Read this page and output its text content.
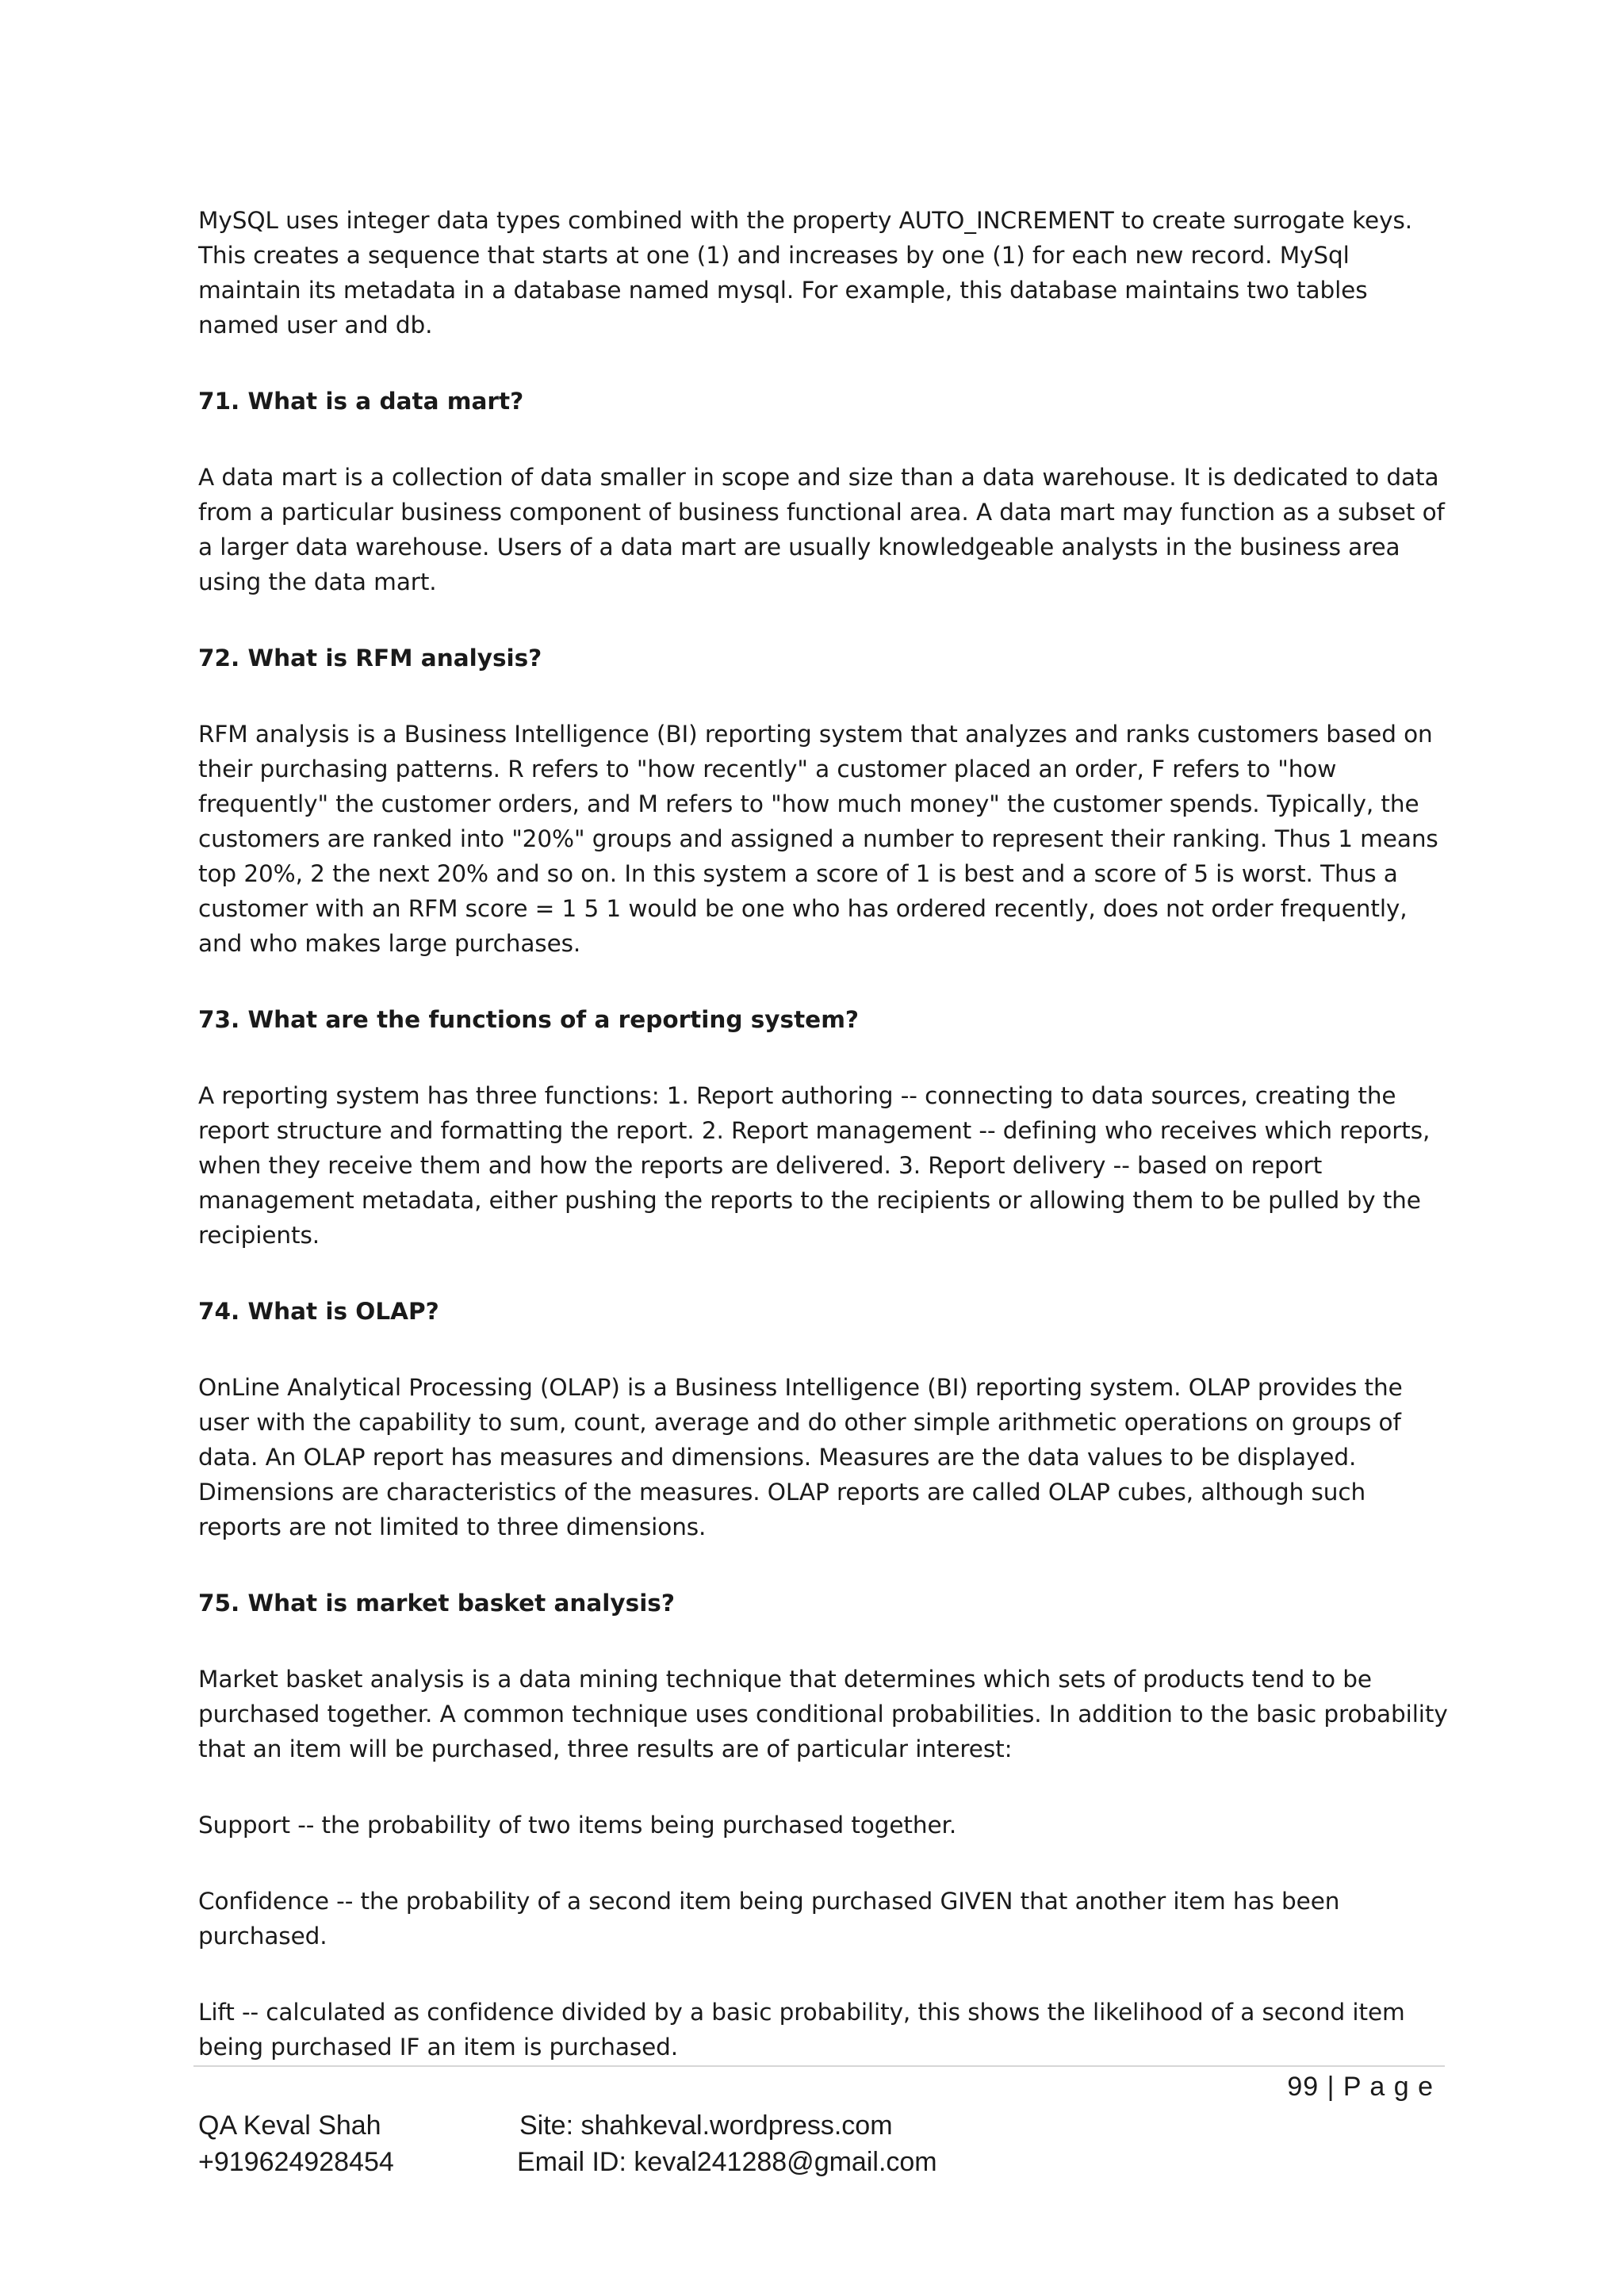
MySQL uses integer data types combined with the property AUTO_INCREMENT to create surrogate keys. This creates a sequence that starts at one (1) and increases by one (1) for each new record. MySql maintain its metadata in a database named mysql. For example, this database maintains two tables named user and db.

71. What is a data mart?

A data mart is a collection of data smaller in scope and size than a data warehouse. It is dedicated to data from a particular business component of business functional area. A data mart may function as a subset of a larger data warehouse. Users of a data mart are usually knowledgeable analysts in the business area using the data mart.

72. What is RFM analysis?

RFM analysis is a Business Intelligence (BI) reporting system that analyzes and ranks customers based on their purchasing patterns. R refers to "how recently" a customer placed an order, F refers to "how frequently" the customer orders, and M refers to "how much money" the customer spends. Typically, the customers are ranked into "20%" groups and assigned a number to represent their ranking. Thus 1 means top 20%, 2 the next 20% and so on. In this system a score of 1 is best and a score of 5 is worst. Thus a customer with an RFM score = 1 5 1 would be one who has ordered recently, does not order frequently, and who makes large purchases.

73. What are the functions of a reporting system?

A reporting system has three functions: 1. Report authoring -- connecting to data sources, creating the report structure and formatting the report. 2. Report management -- defining who receives which reports, when they receive them and how the reports are delivered. 3. Report delivery -- based on report management metadata, either pushing the reports to the recipients or allowing them to be pulled by the recipients.

74. What is OLAP?

OnLine Analytical Processing (OLAP) is a Business Intelligence (BI) reporting system. OLAP provides the user with the capability to sum, count, average and do other simple arithmetic operations on groups of data. An OLAP report has measures and dimensions. Measures are the data values to be displayed. Dimensions are characteristics of the measures. OLAP reports are called OLAP cubes, although such reports are not limited to three dimensions.

75. What is market basket analysis?

Market basket analysis is a data mining technique that determines which sets of products tend to be purchased together. A common technique uses conditional probabilities. In addition to the basic probability that an item will be purchased, three results are of particular interest:

Support -- the probability of two items being purchased together.

Confidence -- the probability of a second item being purchased GIVEN that another item has been purchased.

Lift -- calculated as confidence divided by a basic probability, this shows the likelihood of a second item being purchased IF an item is purchased.

99 | P a g e
QA Keval Shah
+919624928454
Site: shahkeval.wordpress.com
Email ID: keval241288@gmail.com
